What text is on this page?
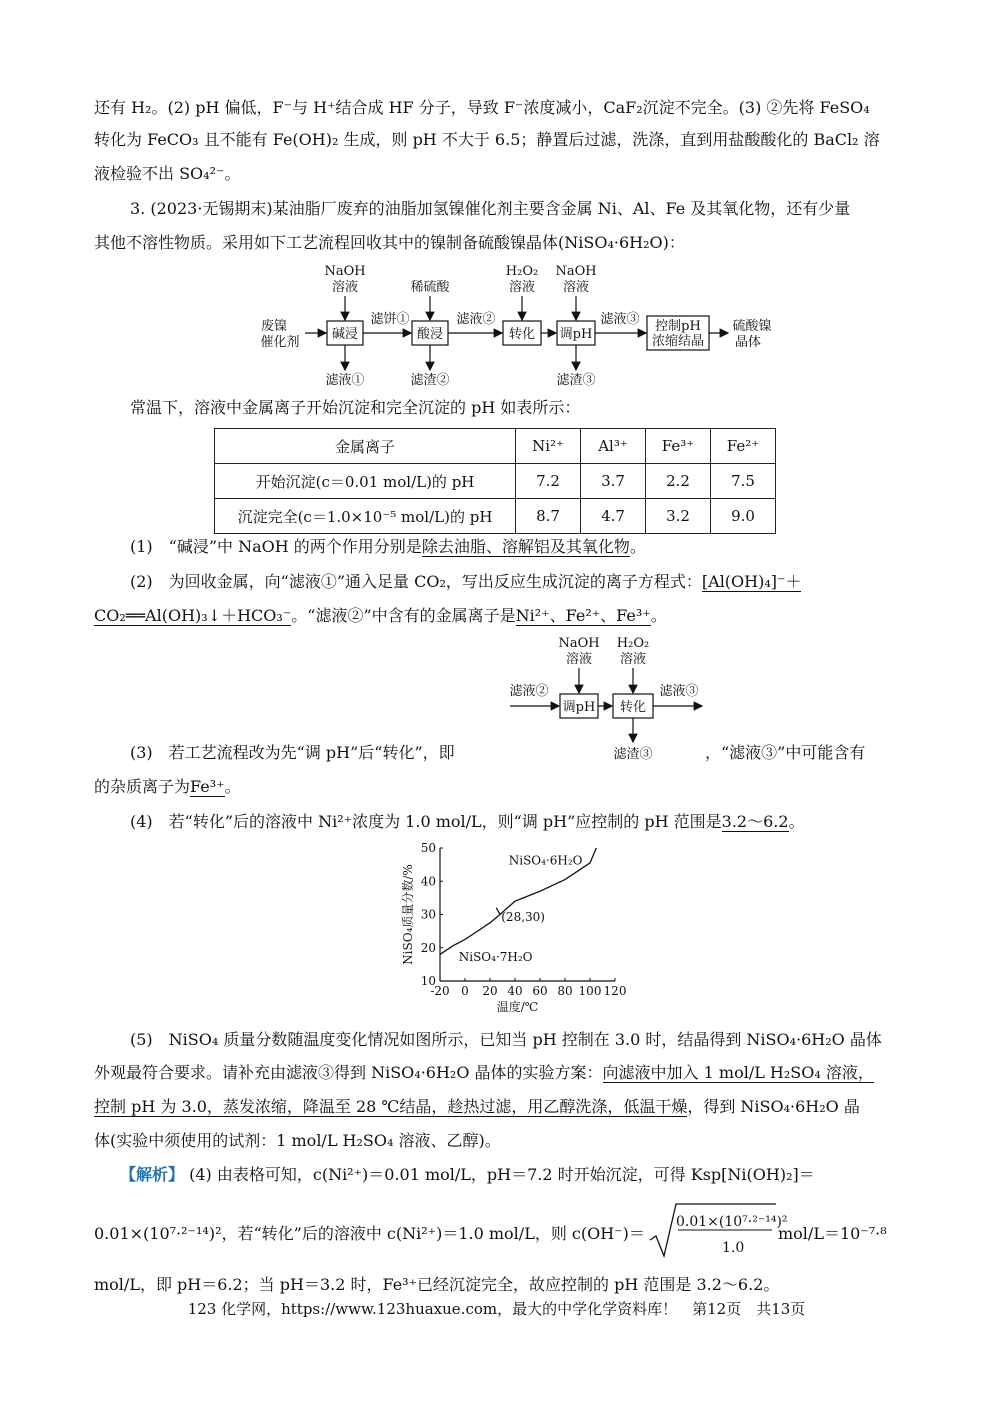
还有 H₂。(2) pH 偏低，F⁻与 H⁺结合成 HF 分子，导致 F⁻浓度减小，CaF₂沉淀不完全。(3) ②先将 FeSO₄
转化为 FeCO₃ 且不能有 Fe(OH)₂ 生成，则 pH 不大于 6.5；静置后过滤，洗涤，直到用盐酸酸化的 BaCl₂ 溶
液检验不出 SO₄²⁻。
3. (2023·无锡期末)某油脂厂废弃的油脂加氢镍催化剂主要含金属 Ni、Al、Fe 及其氧化物，还有少量
其他不溶性物质。采用如下工艺流程回收其中的镍制备硫酸镍晶体(NiSO₄·6H₂O)：
NaOH
溶液	稀硫酸
H₂O₂
溶液
NaOH
溶液
废镍
催化剂
滤饼①	滤液②	滤液③	硫酸镍
晶体
滤液①	滤渣②	滤渣③
碱浸	酸浸	转化 调pH
控制pH
浓缩结晶
常温下，溶液中金属离子开始沉淀和完全沉淀的 pH 如表所示：
金属离子	Ni²⁺	Al³⁺	Fe³⁺	Fe²⁺
开始沉淀(c＝0.01 mol/L)的 pH	7.2	3.7	2.2	7.5
沉淀完全(c＝1.0×10⁻⁵ mol/L)的 pH	8.7	4.7	3.2	9.0
(1)　“碱浸”中 NaOH 的两个作用分别是除去油脂、溶解铝及其氧化物。
(2)　为回收金属，向“滤液①”通入足量 CO₂，写出反应生成沉淀的离子方程式：[Al(OH)₄]⁻＋
CO₂══Al(OH)₃↓＋HCO₃⁻。“滤液②”中含有的金属离子是Ni²⁺、Fe²⁺、Fe³⁺。
NaOH
溶液
H₂O₂
溶液
滤液②	滤液③
滤渣③
调pH 转化
(3)　若工艺流程改为先“调 pH”后“转化”，即	，“滤液③”中可能含有
的杂质离子为Fe³⁺。
(4)　若“转化”后的溶液中 Ni²⁺浓度为 1.0 mol/L，则“调 pH”应控制的 pH 范围是3.2～6.2。
-20 0 20 40 60 80 100 120
10
20
30
40
50
温度/℃
NiSO₄质量分数/%	NiSO₄·7H₂O
NiSO₄·6H₂O
(28,30)
(5)　NiSO₄ 质量分数随温度变化情况如图所示，已知当 pH 控制在 3.0 时，结晶得到 NiSO₄·6H₂O 晶体
外观最符合要求。请补充由滤液③得到 NiSO₄·6H₂O 晶体的实验方案：向滤液中加入 1 mol/L H₂SO₄ 溶液，
控制 pH 为 3.0，蒸发浓缩，降温至 28 ℃结晶，趁热过滤，用乙醇洗涤，低温干燥，得到 NiSO₄·6H₂O 晶
体(实验中须使用的试剂：1 mol/L H₂SO₄ 溶液、乙醇)。
【解析】 (4) 由表格可知，c(Ni²⁺)＝0.01 mol/L，pH＝7.2 时开始沉淀，可得 Ksp[Ni(OH)₂]＝
0.01×(10⁷·²⁻¹⁴)²，若“转化”后的溶液中 c(Ni²⁺)＝1.0 mol/L，则 c(OH⁻)＝
0.01×(10⁷·²⁻¹⁴)²
1.0
mol/L＝10⁻⁷·⁸
mol/L，即 pH＝6.2；当 pH＝3.2 时，Fe³⁺已经沉淀完全，故应控制的 pH 范围是 3.2～6.2。
123 化学网，https://www.123huaxue.com，最大的中学化学资料库！　第12页　共13页
